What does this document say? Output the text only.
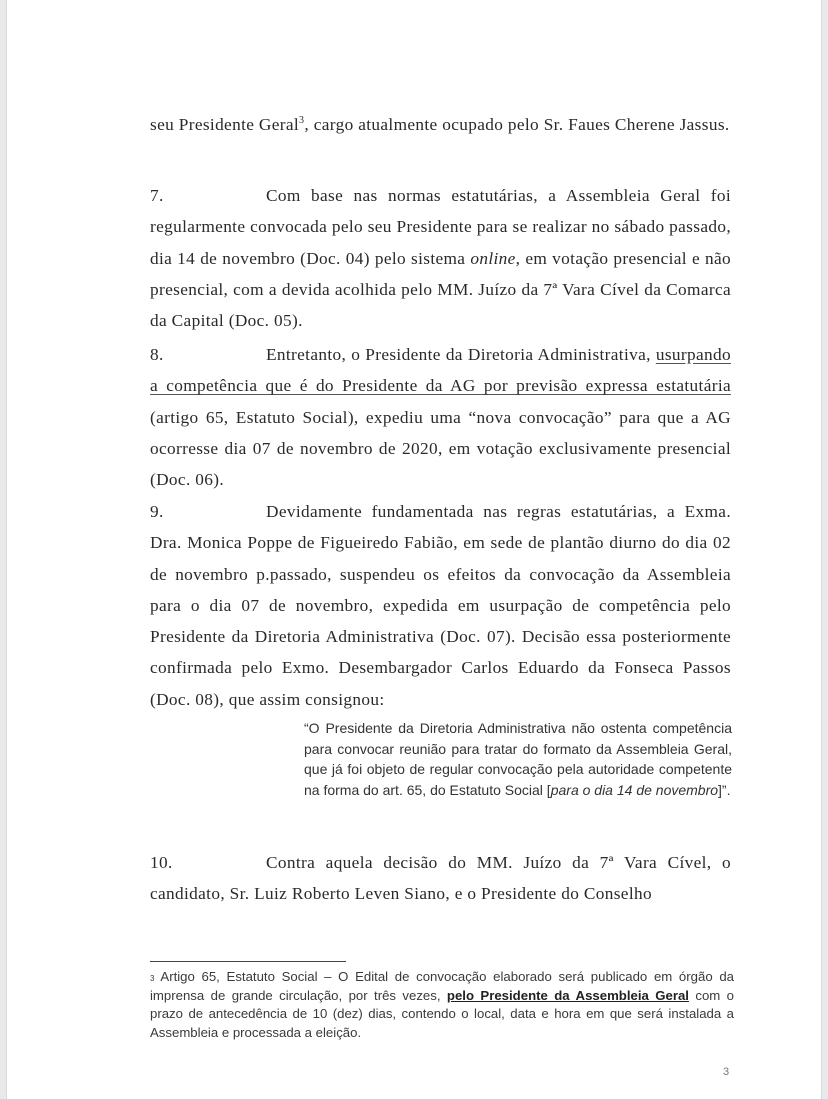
seu Presidente Geral$^3$, cargo atualmente ocupado pelo Sr. Faues Cherene Jassus.

7.	Com base nas normas estatutárias, a Assembleia Geral foi regularmente convocada pelo seu Presidente para se realizar no sábado passado, dia 14 de novembro (Doc. 04) pelo sistema online, em votação presencial e não presencial, com a devida acolhida pelo MM. Juízo da 7ª Vara Cível da Comarca da Capital (Doc. 05).

8.	Entretanto, o Presidente da Diretoria Administrativa, usurpando a competência que é do Presidente da AG por previsão expressa estatutária (artigo 65, Estatuto Social), expediu uma “nova convocação” para que a AG ocorresse dia 07 de novembro de 2020, em votação exclusivamente presencial (Doc. 06).

9.	Devidamente fundamentada nas regras estatutárias, a Exma. Dra. Monica Poppe de Figueiredo Fabião, em sede de plantão diurno do dia 02 de novembro p.passado, suspendeu os efeitos da convocação da Assembleia para o dia 07 de novembro, expedida em usurpação de competência pelo Presidente da Diretoria Administrativa (Doc. 07). Decisão essa posteriormente confirmada pelo Exmo. Desembargador Carlos Eduardo da Fonseca Passos (Doc. 08), que assim consignou:

“O Presidente da Diretoria Administrativa não ostenta competência para convocar reunião para tratar do formato da Assembleia Geral, que já foi objeto de regular convocação pela autoridade competente na forma do art. 65, do Estatuto Social [para o dia 14 de novembro]”.

10.	Contra aquela decisão do MM. Juízo da 7ª Vara Cível, o candidato, Sr. Luiz Roberto Leven Siano, e o Presidente do Conselho

$^3$ Artigo 65, Estatuto Social – O Edital de convocação elaborado será publicado em órgão da imprensa de grande circulação, por três vezes, pelo Presidente da Assembleia Geral com o prazo de antecedência de 10 (dez) dias, contendo o local, data e hora em que será instalada a Assembleia e processada a eleição.
3
